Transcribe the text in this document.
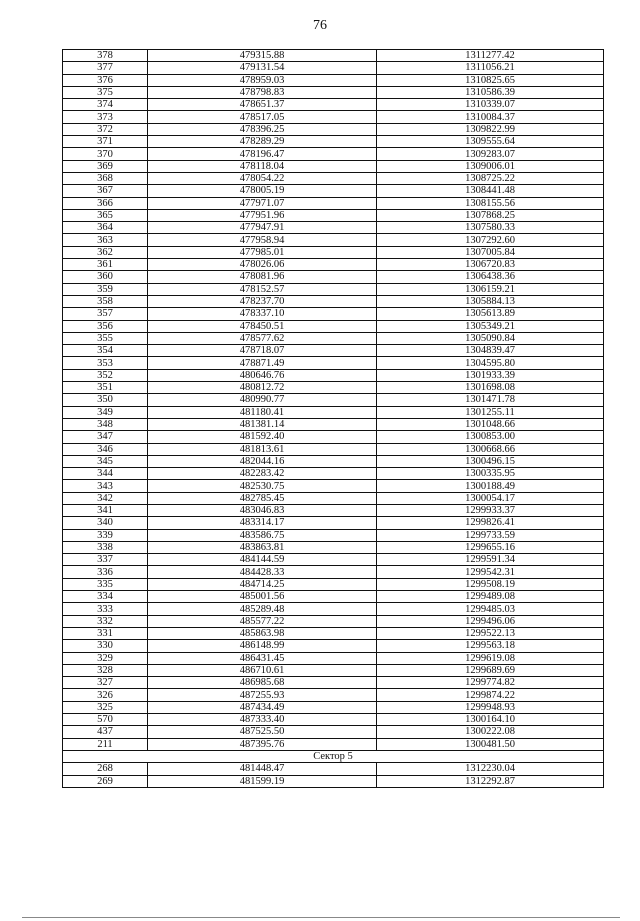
76
378	479315.88	1311277.42
377	479131.54	1311056.21
376	478959.03	1310825.65
375	478798.83	1310586.39
374	478651.37	1310339.07
373	478517.05	1310084.37
372	478396.25	1309822.99
371	478289.29	1309555.64
370	478196.47	1309283.07
369	478118.04	1309006.01
368	478054.22	1308725.22
367	478005.19	1308441.48
366	477971.07	1308155.56
365	477951.96	1307868.25
364	477947.91	1307580.33
363	477958.94	1307292.60
362	477985.01	1307005.84
361	478026.06	1306720.83
360	478081.96	1306438.36
359	478152.57	1306159.21
358	478237.70	1305884.13
357	478337.10	1305613.89
356	478450.51	1305349.21
355	478577.62	1305090.84
354	478718.07	1304839.47
353	478871.49	1304595.80
352	480646.76	1301933.39
351	480812.72	1301698.08
350	480990.77	1301471.78
349	481180.41	1301255.11
348	481381.14	1301048.66
347	481592.40	1300853.00
346	481813.61	1300668.66
345	482044.16	1300496.15
344	482283.42	1300335.95
343	482530.75	1300188.49
342	482785.45	1300054.17
341	483046.83	1299933.37
340	483314.17	1299826.41
339	483586.75	1299733.59
338	483863.81	1299655.16
337	484144.59	1299591.34
336	484428.33	1299542.31
335	484714.25	1299508.19
334	485001.56	1299489.08
333	485289.48	1299485.03
332	485577.22	1299496.06
331	485863.98	1299522.13
330	486148.99	1299563.18
329	486431.45	1299619.08
328	486710.61	1299689.69
327	486985.68	1299774.82
326	487255.93	1299874.22
325	487434.49	1299948.93
570	487333.40	1300164.10
437	487525.50	1300222.08
211	487395.76	1300481.50
Сектор 5		
268	481448.47	1312230.04
269	481599.19	1312292.87
